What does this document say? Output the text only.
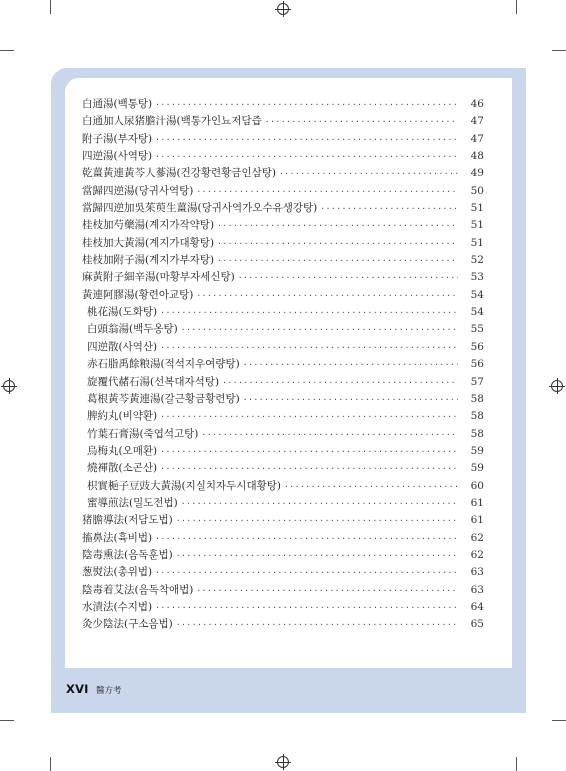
白通湯(백통탕) ·····	46
白通加人尿猪膽汁湯(백통가인뇨저담즙 ·····	47
附子湯(부자탕) ·····	47
四逆湯(사역탕) ·····	48
乾薑黃連黃芩人蔘湯(건강황련황금인삼탕) ·····	49
當歸四逆湯(당귀사역탕) ·····	50
當歸四逆加吳茱萸生薑湯(당귀사역가오수유생강탕) ·····	51
桂枝加芍藥湯(계지가작약탕) ·····	51
桂枝加大黃湯(계지가대황탕) ·····	51
桂枝加附子湯(계지가부자탕) ·····	52
麻黃附子細辛湯(마황부자세신탕) ·····	53
黃連阿膠湯(황련아교탕) ·····	54
桃花湯(도화탕) ·····	54
白頭翁湯(백두옹탕) ·····	55
四逆散(사역산) ·····	56
赤石脂禹餘粮湯(적석지우여량탕) ·····	56
旋覆代赭石湯(선복대자석탕) ·····	57
葛根黃芩黃連湯(갈근황금황련탕) ·····	58
脾約丸(비약환) ·····	58
竹葉石膏湯(죽엽석고탕) ·····	58
烏梅丸(오매환) ·····	59
燒褌散(소곤산) ·····	59
枳實梔子豆豉大黃湯(지실치자두시대황탕) ·····	60
蜜導煎法(밀도전법) ·····	61
猪膽導法(저담도법) ·····	61
搐鼻法(휵비법) ·····	62
陰毒熏法(음독훈법) ·····	62
葱熨法(총위법) ·····	63
陰毒着艾法(음독착애법) ·····	63
水漬法(수지법) ·····	64
灸少陰法(구소음법) ·····	65
XVI 醫方考
